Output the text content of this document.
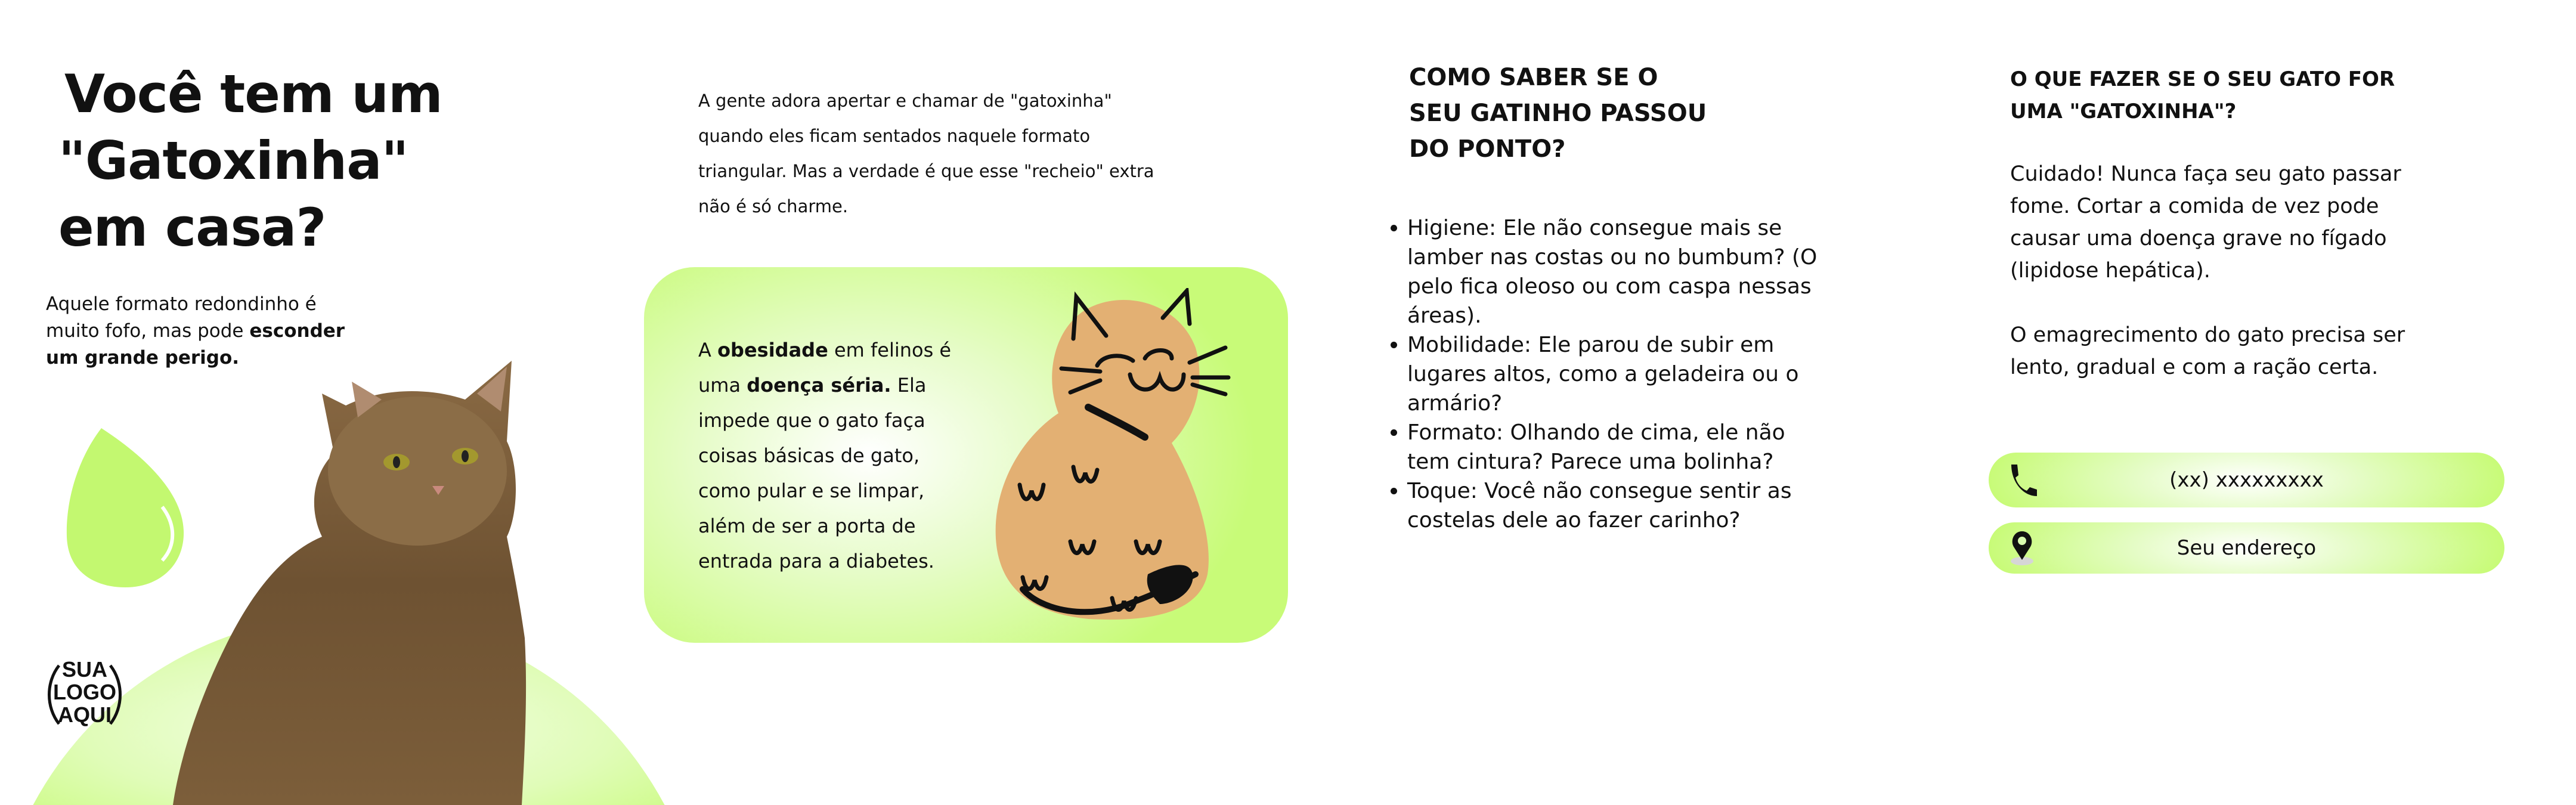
Você tem um
"Gatoxinha"
em casa?
Aquele formato redondinho é
muito fofo, mas pode esconder
um grande perigo.
SUA
LOGO
AQUI
A gente adora apertar e chamar de "gatoxinha"
quando eles ficam sentados naquele formato
triangular. Mas a verdade é que esse "recheio" extra
não é só charme.
A obesidade em felinos é
uma doença séria. Ela
impede que o gato faça
coisas básicas de gato,
como pular e se limpar,
além de ser a porta de
entrada para a diabetes.
COMO SABER SE O
SEU GATINHO PASSOU
DO PONTO?
Higiene: Ele não consegue mais se lamber nas costas ou no bumbum? (O pelo fica oleoso ou com caspa nessas áreas).
Mobilidade: Ele parou de subir em lugares altos, como a geladeira ou o armário?
Formato: Olhando de cima, ele não tem cintura? Parece uma bolinha?
Toque: Você não consegue sentir as costelas dele ao fazer carinho?
O QUE FAZER SE O SEU GATO FOR
UMA "GATOXINHA"?
Cuidado! Nunca faça seu gato passar
fome. Cortar a comida de vez pode
causar uma doença grave no fígado
(lipidose hepática).
O emagrecimento do gato precisa ser
lento, gradual e com a ração certa.
(xx) xxxxxxxxx
Seu endereço
